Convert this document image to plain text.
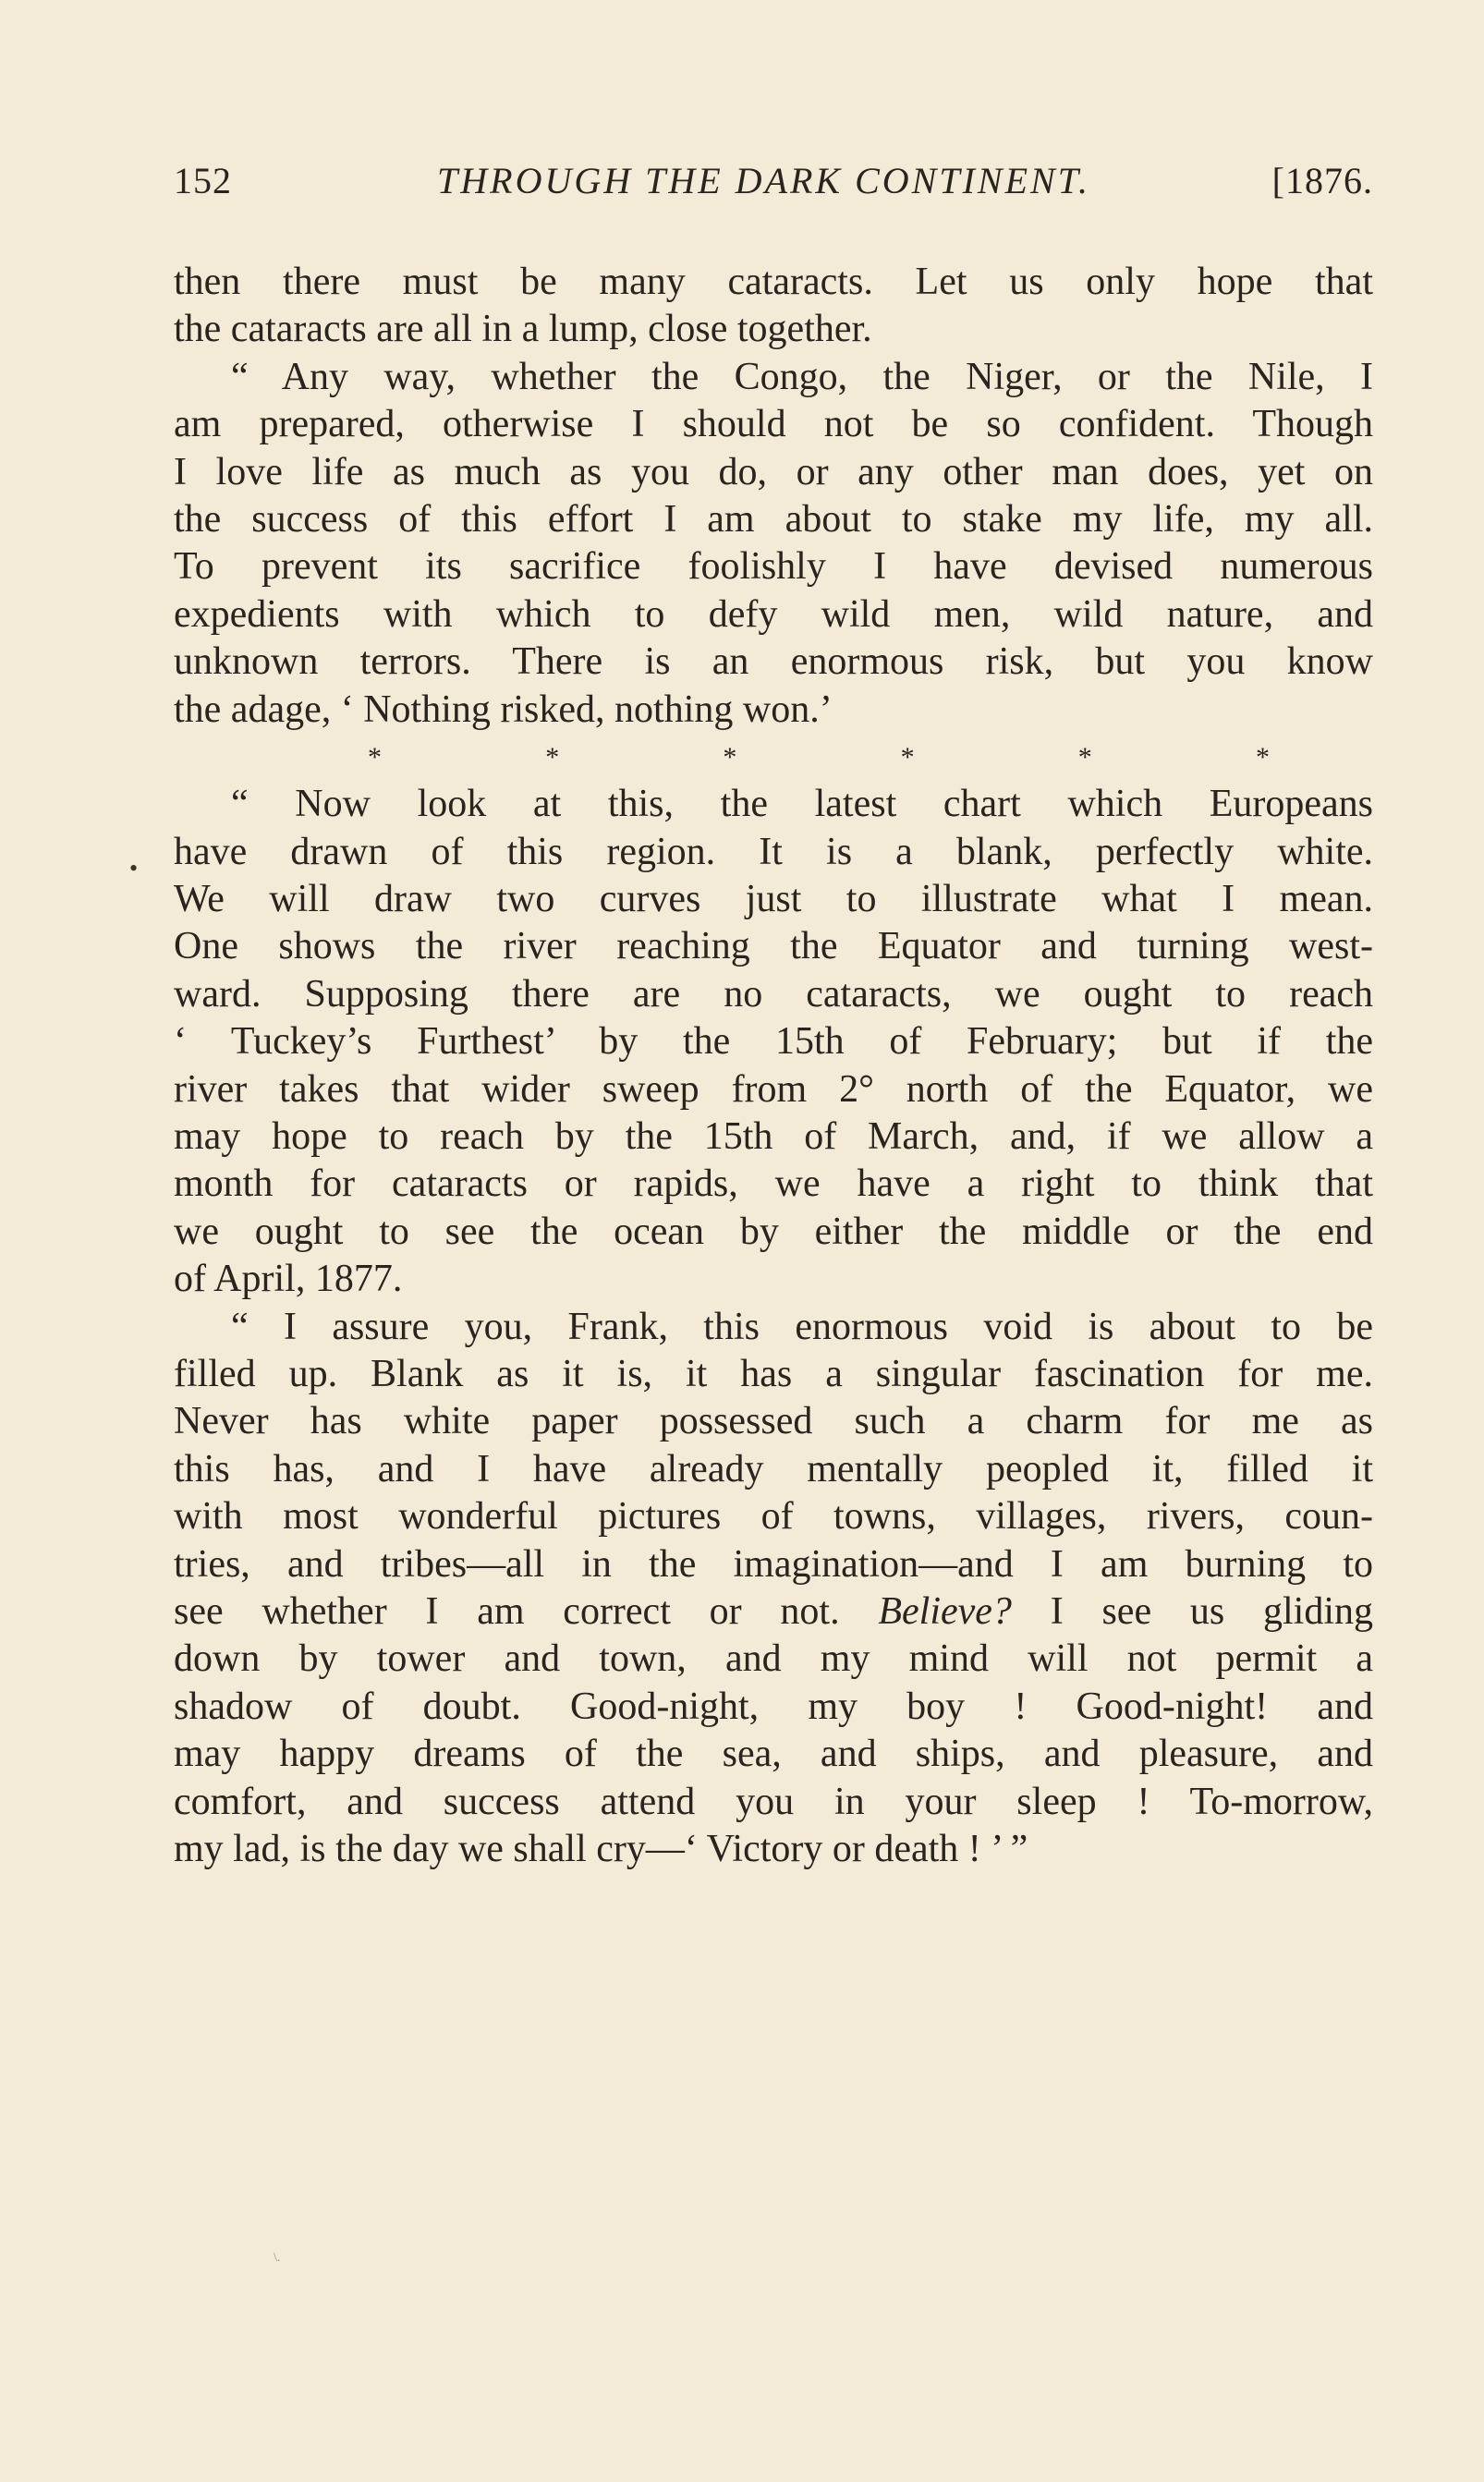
152	THROUGH THE DARK CONTINENT.	[1876.
•
then there must be many cataracts. Let us only hope that
the cataracts are all in a lump, close together.
“ Any way, whether the Congo, the Niger, or the Nile, I
am prepared, otherwise I should not be so confident. Though
I love life as much as you do, or any other man does, yet on
the success of this effort I am about to stake my life, my all.
To prevent its sacrifice foolishly I have devised numerous
expedients with which to defy wild men, wild nature, and
unknown terrors. There is an enormous risk, but you know
the adage, ‘ Nothing risked, nothing won.’
*	*	*	*	*	*
“ Now look at this, the latest chart which Europeans
have drawn of this region. It is a blank, perfectly white.
We will draw two curves just to illustrate what I mean.
One shows the river reaching the Equator and turning west-
ward. Supposing there are no cataracts, we ought to reach
‘ Tuckey’s Furthest’ by the 15th of February; but if the
river takes that wider sweep from 2° north of the Equator, we
may hope to reach by the 15th of March, and, if we allow a
month for cataracts or rapids, we have a right to think that
we ought to see the ocean by either the middle or the end
of April, 1877.
“ I assure you, Frank, this enormous void is about to be
filled up. Blank as it is, it has a singular fascination for me.
Never has white paper possessed such a charm for me as
this has, and I have already mentally peopled it, filled it
with most wonderful pictures of towns, villages, rivers, coun-
tries, and tribes—all in the imagination—and I am burning to
see whether I am correct or not. Believe? I see us gliding
down by tower and town, and my mind will not permit a
shadow of doubt. Good-night, my boy ! Good-night! and
may happy dreams of the sea, and ships, and pleasure, and
comfort, and success attend you in your sleep ! To-morrow,
my lad, is the day we shall cry—‘ Victory or death ! ’ ”
\.
